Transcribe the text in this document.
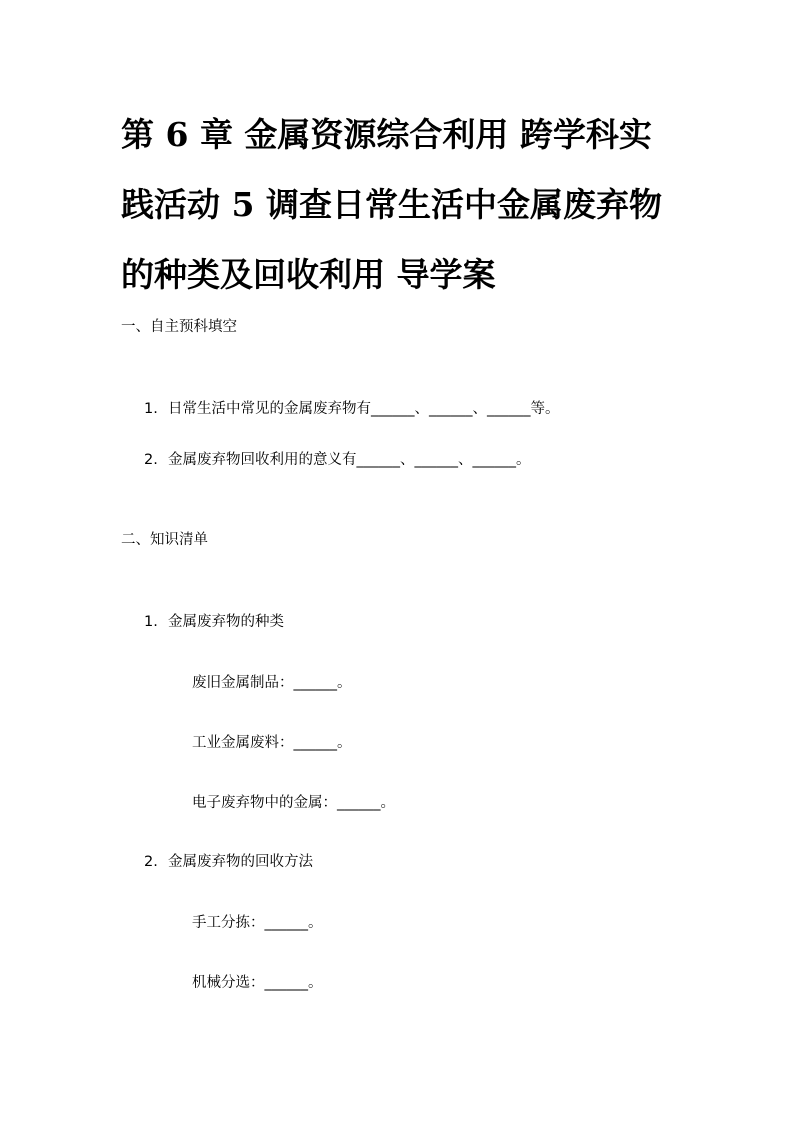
第 6 章 金属资源综合利用 跨学科实践活动 5 调查日常生活中金属废弃物的种类及回收利用 导学案
一、自主预科填空
1. 日常生活中常见的金属废弃物有______、______、______等。
2. 金属废弃物回收利用的意义有______、______、______。
二、知识清单
1. 金属废弃物的种类
废旧金属制品：______。
工业金属废料：______。
电子废弃物中的金属：______。
2. 金属废弃物的回收方法
手工分拣：______。
机械分选：______。
